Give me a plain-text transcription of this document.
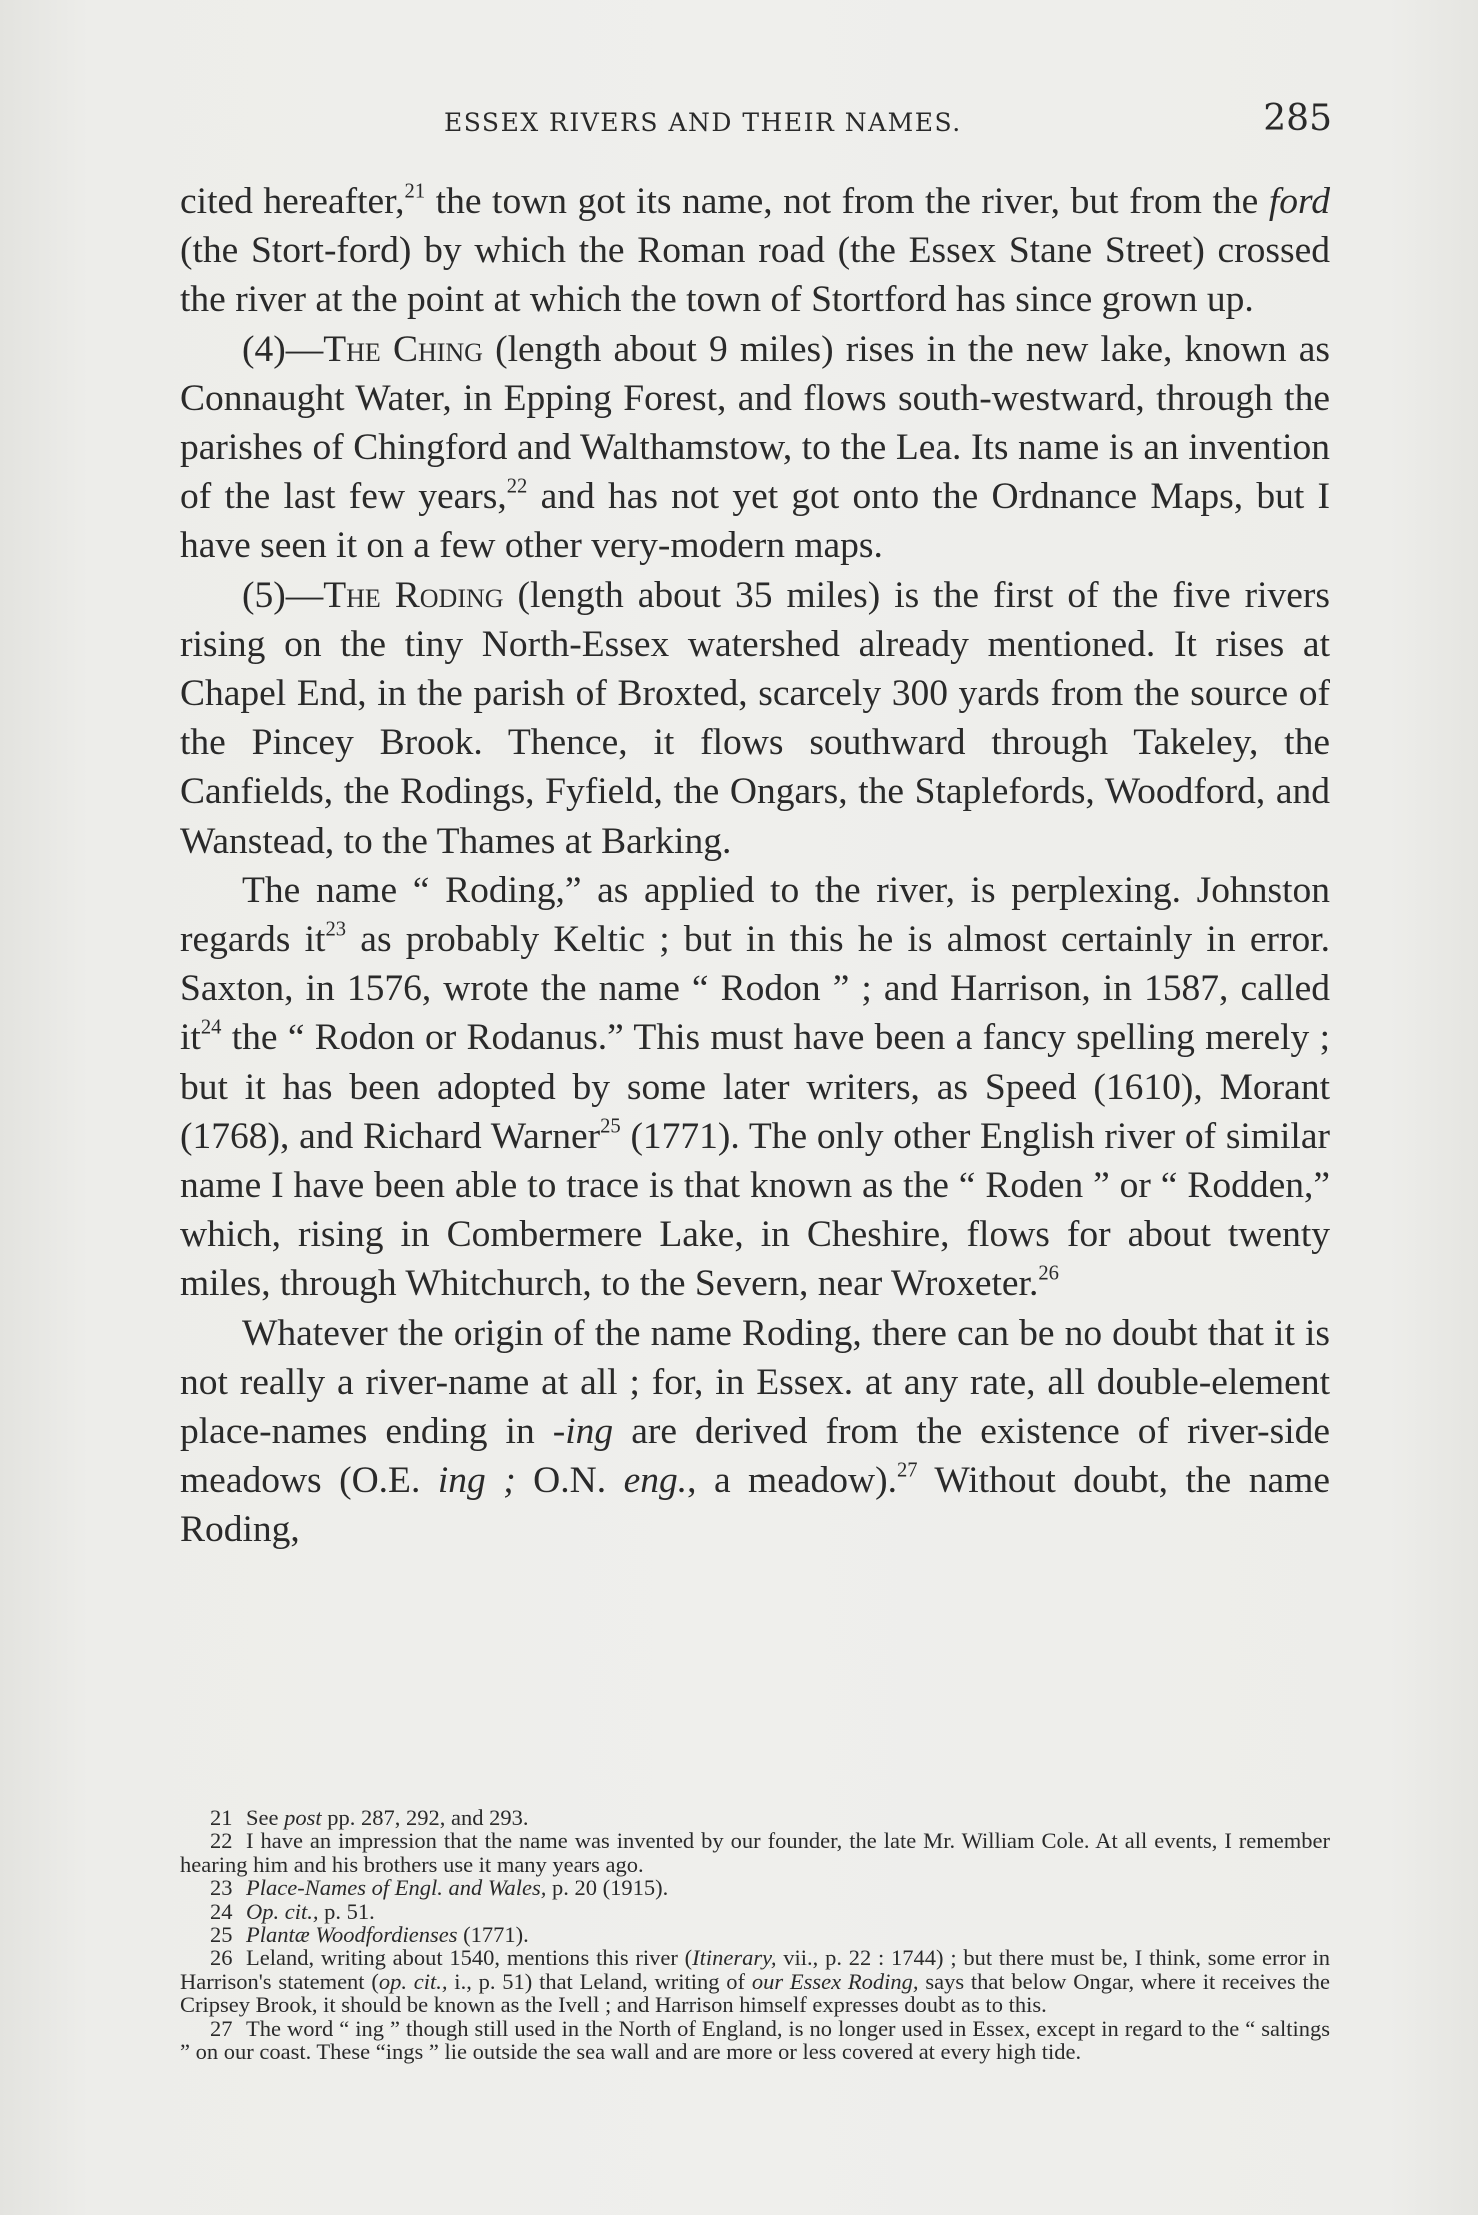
ESSEX RIVERS AND THEIR NAMES.	285

cited hereafter,$^{21}$ the town got its name, not from the river, but from the ford (the Stort-ford) by which the Roman road (the Essex Stane Street) crossed the river at the point at which the town of Stortford has since grown up.

(4)—The Ching (length about 9 miles) rises in the new lake, known as Connaught Water, in Epping Forest, and flows south-westward, through the parishes of Chingford and Walthamstow, to the Lea. Its name is an invention of the last few years,$^{22}$ and has not yet got onto the Ordnance Maps, but I have seen it on a few other very-modern maps.

(5)—The Roding (length about 35 miles) is the first of the five rivers rising on the tiny North-Essex watershed already mentioned. It rises at Chapel End, in the parish of Broxted, scarcely 300 yards from the source of the Pincey Brook. Thence, it flows southward through Takeley, the Canfields, the Rodings, Fyfield, the Ongars, the Staplefords, Woodford, and Wanstead, to the Thames at Barking.

The name “ Roding,” as applied to the river, is perplexing. Johnston regards $it^{23}$ as probably Keltic ; but in this he is almost certainly in error. Saxton, in 1576, wrote the name “ Rodon ” ; and Harrison, in 1587, called $it^{24}$ the “ Rodon or Rodanus.” This must have been a fancy spelling merely ; but it has been adopted by some later writers, as Speed (1610), Morant (1768), and Richard Warner$^{25}$ (1771). The only other English river of similar name I have been able to trace is that known as the “ Roden ” or “ Rodden,” which, rising in Combermere Lake, in Cheshire, flows for about twenty miles, through Whitchurch, to the Severn, near Wroxeter.$^{26}$

Whatever the origin of the name Roding, there can be no doubt that it is not really a river-name at all ; for, in Essex. at any rate, all double-element place-names ending in -ing are derived from the existence of river-side meadows (O.E. ing ; O.N. eng., a meadow).$^{27}$ Without doubt, the name Roding,

21 See post pp. 287, 292, and 293.

22 I have an impression that the name was invented by our founder, the late Mr. William Cole. At all events, I remember hearing him and his brothers use it many years ago.

23 Place-Names of Engl. and Wales, p. 20 (1915).

24 Op. cit., p. 51.

25 Plantæ Woodfordienses (1771).

26 Leland, writing about 1540, mentions this river (Itinerary, vii., p. 22 : 1744) ; but there must be, I think, some error in Harrison's statement (op. cit., i., p. 51) that Leland, writing of our Essex Roding, says that below Ongar, where it receives the Cripsey Brook, it should be known as the Ivell ; and Harrison himself expresses doubt as to this.

27 The word “ ing ” though still used in the North of England, is no longer used in Essex, except in regard to the “ saltings ” on our coast. These “ings ” lie outside the sea wall and are more or less covered at every high tide.
